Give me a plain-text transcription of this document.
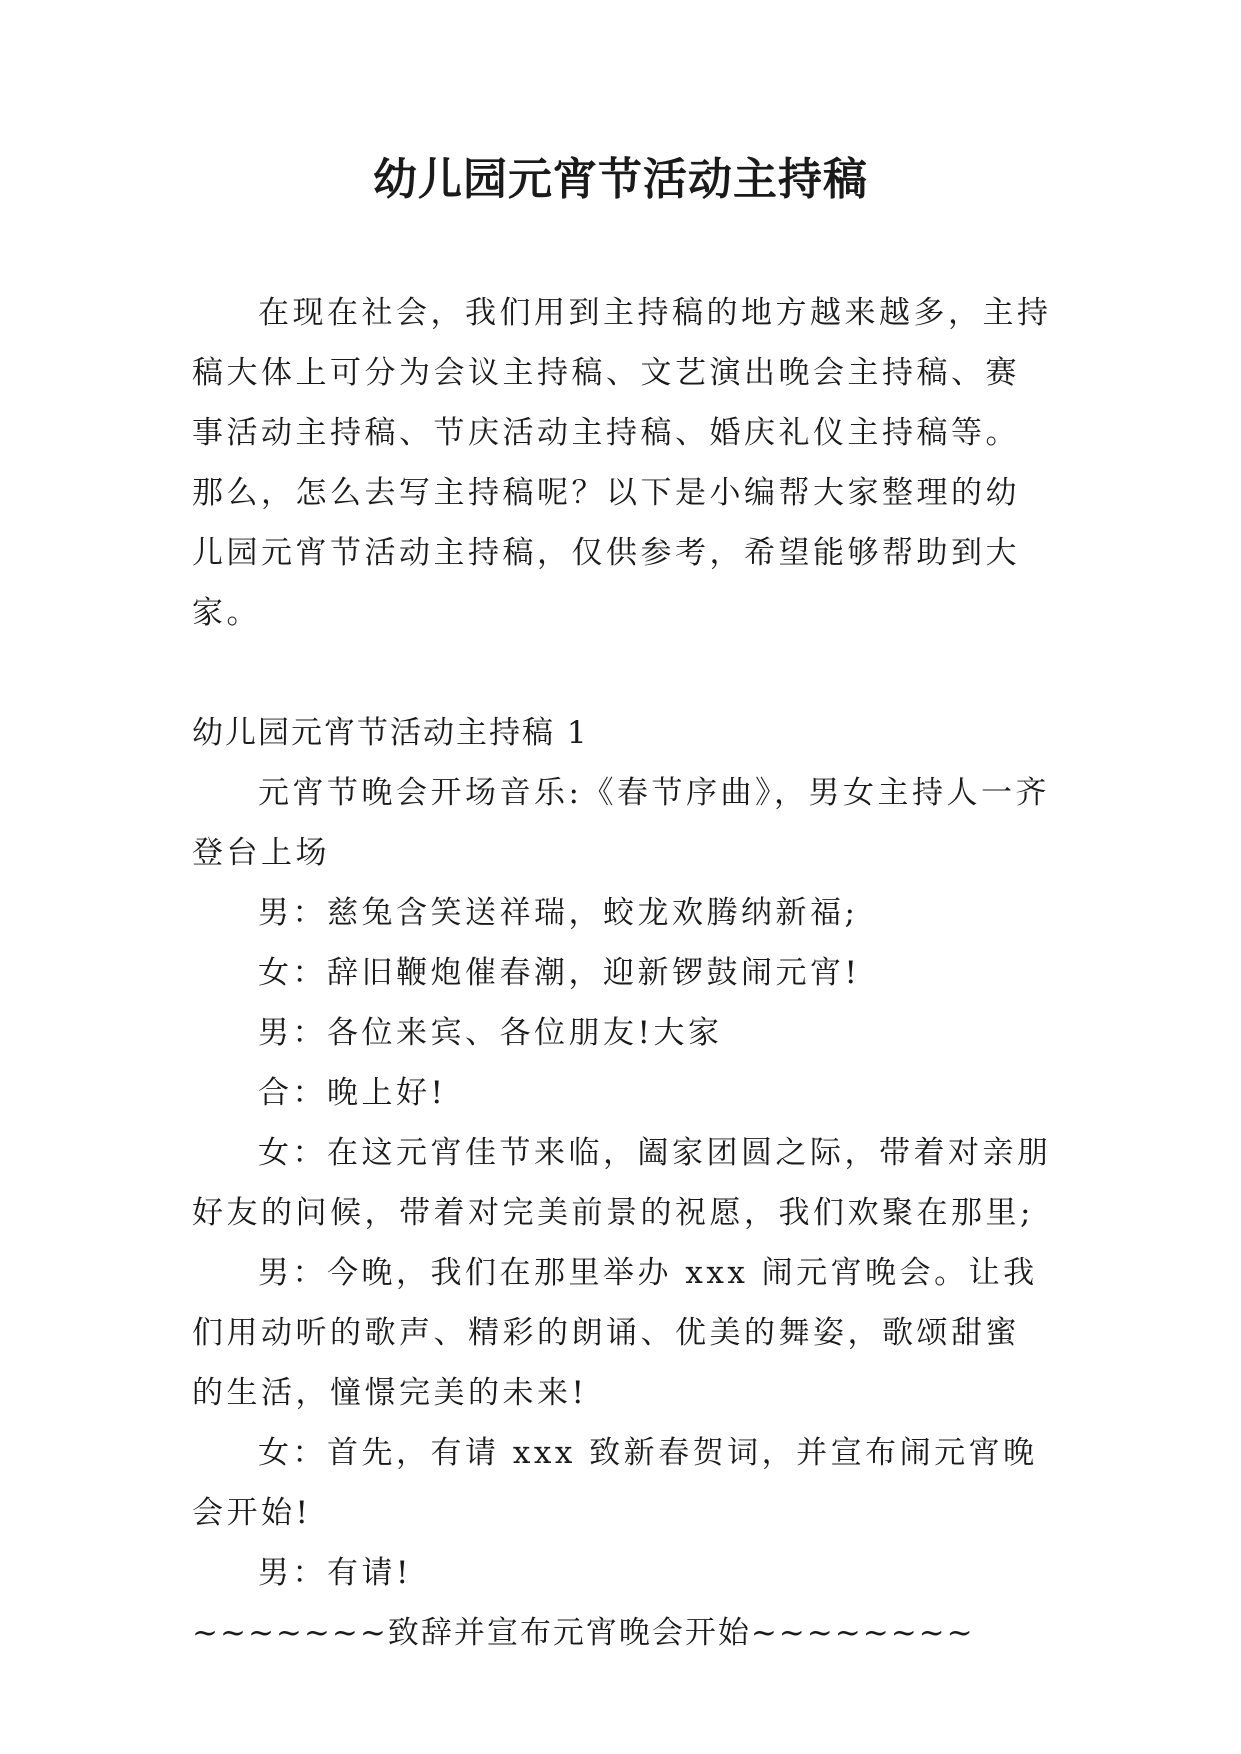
幼儿园元宵节活动主持稿

在现在社会，我们用到主持稿的地方越来越多，主持稿大体上可分为会议主持稿、文艺演出晚会主持稿、赛事活动主持稿、节庆活动主持稿、婚庆礼仪主持稿等。那么，怎么去写主持稿呢？以下是小编帮大家整理的幼儿园元宵节活动主持稿，仅供参考，希望能够帮助到大家。

幼儿园元宵节活动主持稿 1

元宵节晚会开场音乐:《春节序曲》，男女主持人一齐登台上场

男：慈兔含笑送祥瑞，蛟龙欢腾纳新福;

女：辞旧鞭炮催春潮，迎新锣鼓闹元宵!

男：各位来宾、各位朋友!大家

合：晚上好!

女：在这元宵佳节来临，阖家团圆之际，带着对亲朋好友的问候，带着对完美前景的祝愿，我们欢聚在那里;

男：今晚，我们在那里举办 xxx 闹元宵晚会。让我们用动听的歌声、精彩的朗诵、优美的舞姿，歌颂甜蜜的生活，憧憬完美的未来!

女：首先，有请 xxx 致新春贺词，并宣布闹元宵晚会开始!

男：有请!

~~~~~~~致辞并宣布元宵晚会开始~~~~~~~~
